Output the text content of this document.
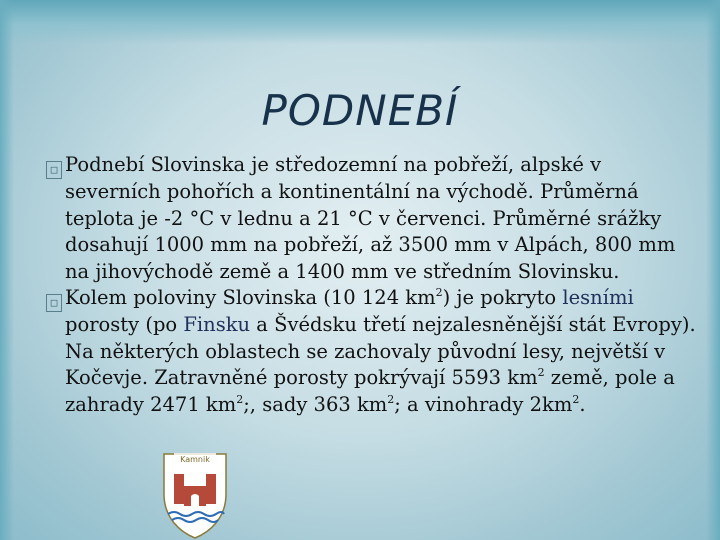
PODNEBÍ

□ Podnebí Slovinska je středozemní na pobřeží, alpské v severních pohořích a kontinentální na východě. Průměrná teplota je -2 °C v lednu a 21 °C v červenci. Průměrné srážky dosahují 1000 mm na pobřeží, až 3500 mm v Alpách, 800 mm na jihovýchodě země a 1400 mm ve středním Slovinsku.

□ Kolem poloviny Slovinska (10 124 $km^2$) je pokryto lesními porosty (po Finsku a Švédsku třetí nejzalesněnější stát Evropy). Na některých oblastech se zachovaly původní lesy, největší v Kočevje. Zatravněné porosty pokrývají 5593 $km^2$ země, pole a zahrady 2471 $km^2$;, sady 363 $km^2$; a vinohrady $2km^2$.

Kamnik
